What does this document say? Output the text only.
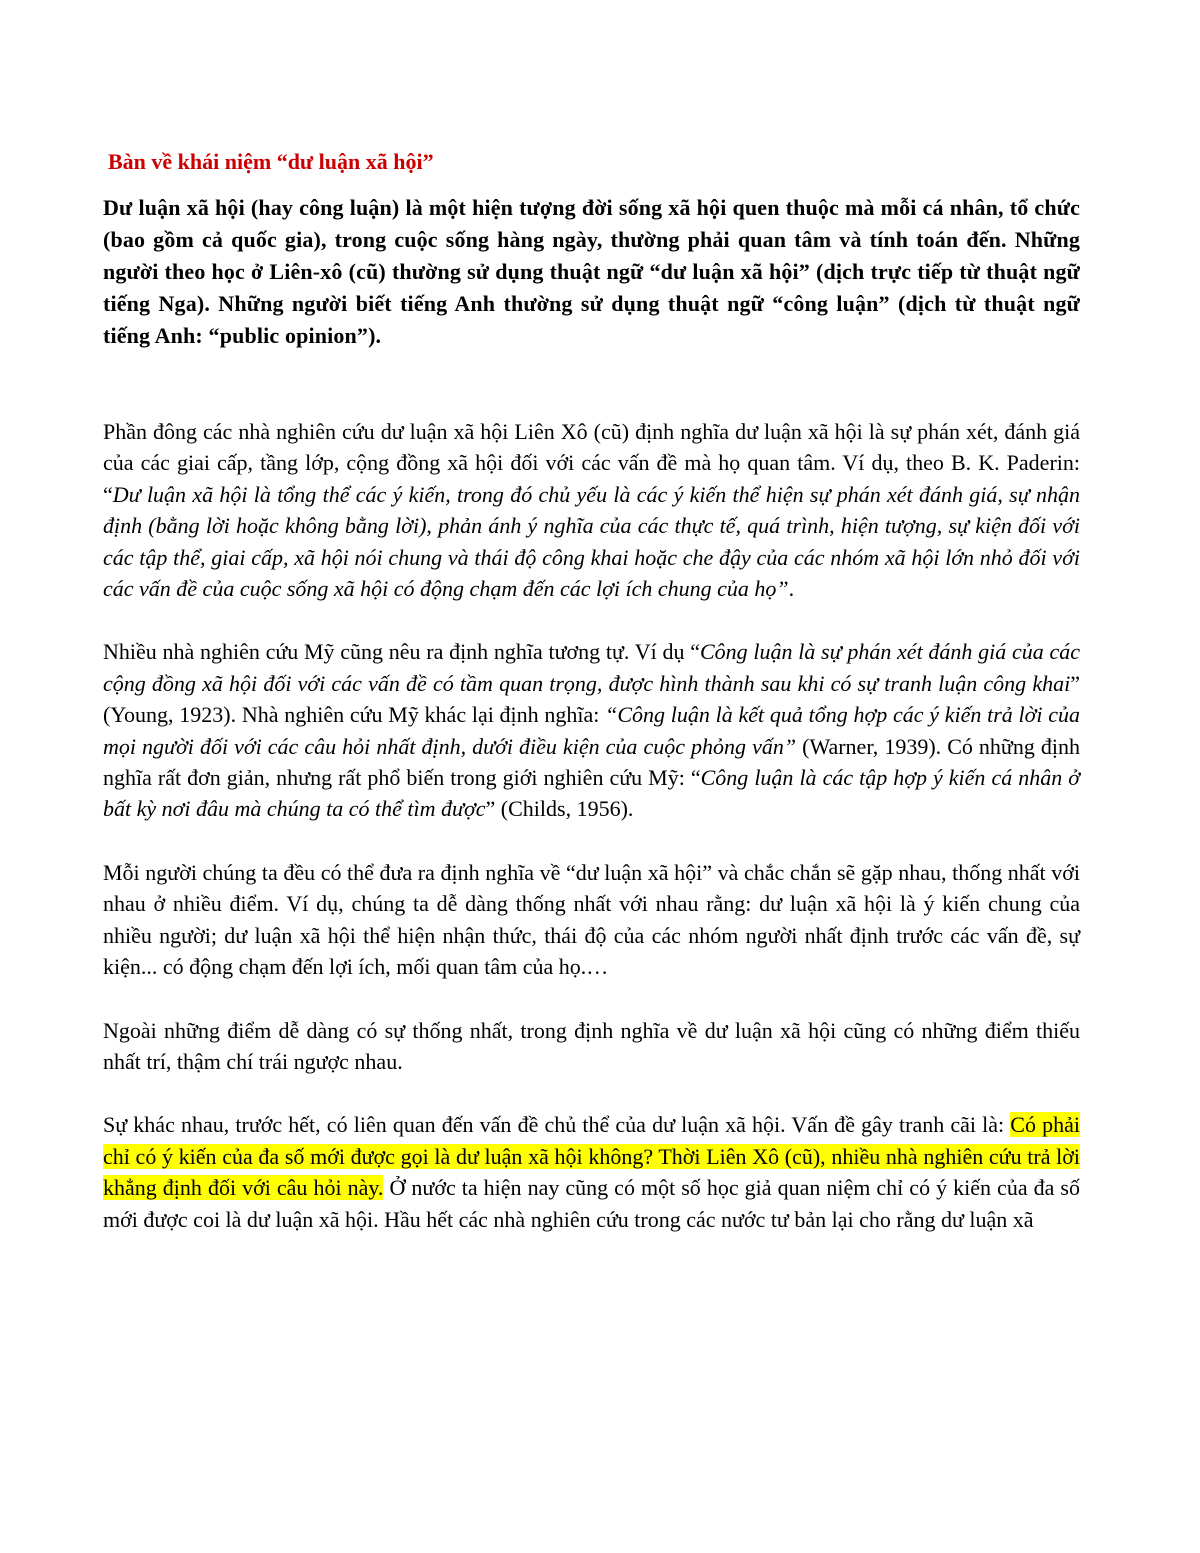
Bàn về khái niệm “dư luận xã hội”

Dư luận xã hội (hay công luận) là một hiện tượng đời sống xã hội quen thuộc mà mỗi cá nhân, tổ chức (bao gồm cả quốc gia), trong cuộc sống hàng ngày, thường phải quan tâm và tính toán đến. Những người theo học ở Liên-xô (cũ) thường sử dụng thuật ngữ “dư luận xã hội” (dịch trực tiếp từ thuật ngữ tiếng Nga). Những người biết tiếng Anh thường sử dụng thuật ngữ “công luận” (dịch từ thuật ngữ tiếng Anh: “public opinion”).

Phần đông các nhà nghiên cứu dư luận xã hội Liên Xô (cũ) định nghĩa dư luận xã hội là sự phán xét, đánh giá của các giai cấp, tầng lớp, cộng đồng xã hội đối với các vấn đề mà họ quan tâm. Ví dụ, theo B. K. Paderin: “Dư luận xã hội là tổng thể các ý kiến, trong đó chủ yếu là các ý kiến thể hiện sự phán xét đánh giá, sự nhận định (bằng lời hoặc không bằng lời), phản ánh ý nghĩa của các thực tế, quá trình, hiện tượng, sự kiện đối với các tập thể, giai cấp, xã hội nói chung và thái độ công khai hoặc che đậy của các nhóm xã hội lớn nhỏ đối với các vấn đề của cuộc sống xã hội có động chạm đến các lợi ích chung của họ”.

Nhiều nhà nghiên cứu Mỹ cũng nêu ra định nghĩa tương tự. Ví dụ “Công luận là sự phán xét đánh giá của các cộng đồng xã hội đối với các vấn đề có tầm quan trọng, được hình thành sau khi có sự tranh luận công khai” (Young, 1923). Nhà nghiên cứu Mỹ khác lại định nghĩa: “Công luận là kết quả tổng hợp các ý kiến trả lời của mọi người đối với các câu hỏi nhất định, dưới điều kiện của cuộc phỏng vấn” (Warner, 1939). Có những định nghĩa rất đơn giản, nhưng rất phổ biến trong giới nghiên cứu Mỹ: “Công luận là các tập hợp ý kiến cá nhân ở bất kỳ nơi đâu mà chúng ta có thể tìm được” (Childs, 1956).

Mỗi người chúng ta đều có thể đưa ra định nghĩa về “dư luận xã hội” và chắc chắn sẽ gặp nhau, thống nhất với nhau ở nhiều điểm. Ví dụ, chúng ta dễ dàng thống nhất với nhau rằng: dư luận xã hội là ý kiến chung của nhiều người; dư luận xã hội thể hiện nhận thức, thái độ của các nhóm người nhất định trước các vấn đề, sự kiện... có động chạm đến lợi ích, mối quan tâm của họ.…

Ngoài những điểm dễ dàng có sự thống nhất, trong định nghĩa về dư luận xã hội cũng có những điểm thiếu nhất trí, thậm chí trái ngược nhau.

Sự khác nhau, trước hết, có liên quan đến vấn đề chủ thể của dư luận xã hội. Vấn đề gây tranh cãi là: Có phải chỉ có ý kiến của đa số mới được gọi là dư luận xã hội không? Thời Liên Xô (cũ), nhiều nhà nghiên cứu trả lời khẳng định đối với câu hỏi này. Ở nước ta hiện nay cũng có một số học giả quan niệm chỉ có ý kiến của đa số mới được coi là dư luận xã hội. Hầu hết các nhà nghiên cứu trong các nước tư bản lại cho rằng dư luận xã
